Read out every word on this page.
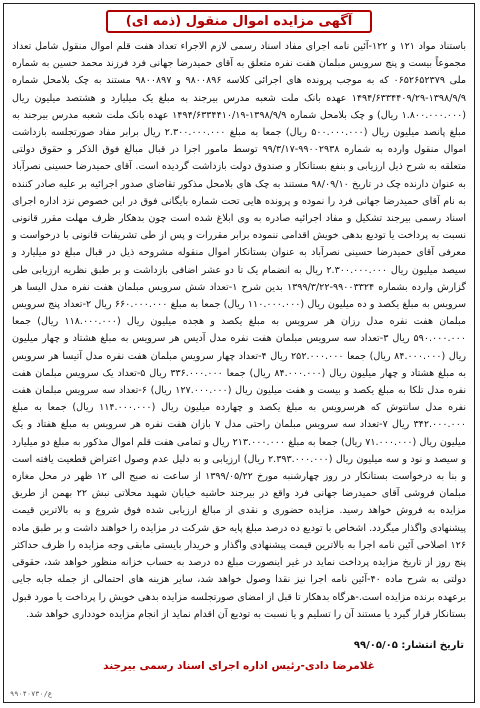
آگهی مزایده اموال منقول (ذمه ای)

باستناد مواد ۱۲۱ و ۱۲۲-آئین نامه اجرای مفاد اسناد رسمی لازم الاجراء تعداد هفت قلم اموال منقول شامل تعداد مجموعاً بیست و پنج سرویس مبلمان هفت نفره متعلق به آقای حمیدرضا جهانی فرد فرزند محمد حسین به شماره ملی ۰۶۵۲۶۵۲۳۷۹ که به موجب پرونده های اجرائی کلاسه ۹۸۰۰۸۹۶ و ۹۸۰۰۸۹۷ مستند به چک بلامحل شماره ۱۳۹۸/۹/۹-۱۴۹۴/۶۳۳۴۴۰۹/۲۹ عهده بانک ملت شعبه مدرس بیرجند به مبلغ یک میلیارد و هشتصد میلیون ریال (۱.۸۰۰.۰۰۰.۰۰۰ ریال) و چک بلامحل شماره ۱۳۹۸/۹/۹-۱۴۹۴/۶۳۳۴۴۱۰/۱۹ عهده بانک ملت شعبه مدرس بیرجند به مبلغ پانصد میلیون ریال (۵۰۰.۰۰۰.۰۰۰ ریال) جمعا به مبلغ ۲.۳۰۰.۰۰۰.۰۰۰ ریال برابر مفاد صورتجلسه بازداشت اموال منقول وارده به شماره ۹۹۰۰۲۹۳۸-۹۹/۳/۱۷ توسط مامور اجرا در قبال مبالغ فوق الذکر و حقوق دولتی متعلقه به شرح ذیل ارزیابی و بنفع بستانکار و صندوق دولت بازداشت گردیده است. آقای حمیدرضا حسینی نصرآباد به عنوان دارنده چک در تاریخ ۹۸/۰۹/۱۰ مستند به چک های بلامحل مذکور تقاضای صدور اجرائیه بر علیه صادر کننده به نام آقای حمیدرضا جهانی فرد را نموده و پرونده هایی تحت شماره بایگانی فوق در این خصوص نزد اداره اجرای اسناد رسمی بیرجند تشکیل و مفاد اجرائیه صادره به وی ابلاغ شده است چون بدهکار ظرف مهلت مقرر قانونی نسبت به پرداخت یا تودیع بدهی خویش اقدامی ننموده برابر مقررات و پس از طی تشریفات قانونی با درخواست و معرفی آقای حمیدرضا حسینی نصرآباد به عنوان بستانکار اموال منقوله مشروحه ذیل در قبال مبلغ دو میلیارد و سیصد میلیون ریال ۲.۳۰۰.۰۰۰.۰۰۰ ریال به انضمام یک تا دو عشر اضافی بازداشت و بر طبق نظریه ارزیابی طی گزارش وارده بشماره ۹۹۰۰۳۳۲۴-۱۳۹۹/۳/۲۲ بدین شرح ۱-تعداد شش سرویس مبلمان هفت نفره مدل الیسا هر سرویس به مبلغ یکصد و ده میلیون ریال (۱۱۰.۰۰۰.۰۰۰ ریال) جمعا به مبلغ ۶۶۰.۰۰۰.۰۰۰ ریال ۲-تعداد پنج سرویس مبلمان هفت نفره مدل رزان هر سرویس به مبلغ یکصد و هجده میلیون ریال (۱۱۸.۰۰۰.۰۰۰ ریال) جمعا ۵۹۰.۰۰۰.۰۰۰ ریال ۳-تعداد سه سرویس مبلمان هفت نفره مدل آدیس هر سرویس به مبلغ هشتاد و چهار میلیون ریال (۸۴.۰۰۰.۰۰۰ ریال) جمعا ۲۵۲.۰۰۰.۰۰۰ ریال ۴-تعداد چهار سرویس مبلمان هفت نفره مدل آتیسا هر سرویس به مبلغ هشتاد و چهار میلیون ریال (۸۴.۰۰۰.۰۰۰ ریال) جمعا ۳۳۶.۰۰۰.۰۰۰ ریال ۵-تعداد یک سرویس مبلمان هفت نفره مدل تلکا به مبلغ یکصد و بیست و هفت میلیون ریال (۱۲۷.۰۰۰.۰۰۰ ریال) ۶-تعداد سه سرویس مبلمان هفت نفره مدل سانتوش که هرسرویس به مبلغ یکصد و چهارده میلیون ریال (۱۱۴.۰۰۰.۰۰۰ ریال) جمعا به مبلغ ۳۴۲.۰۰۰.۰۰۰ ریال ۷-تعداد سه سرویس مبلمان راحتی مدل ۷ بازان هفت نفره هر سرویس به مبلغ هفتاد و یک میلیون ریال (۷۱.۰۰۰.۰۰۰ ریال) جمعا به مبلغ ۲۱۳.۰۰۰.۰۰۰ ریال و تمامی هفت قلم اموال مذکور به مبلغ دو میلیارد و سیصد و نود و سه میلیون ریال (۲.۳۹۳.۰۰۰.۰۰۰ ریال) ارزیابی و به دلیل عدم وصول اعتراض قطعیت یافته است و بنا به درخواست بستانکار در روز چهارشنبه مورخ ۱۳۹۹/۰۵/۲۲ از ساعت نه صبح الی ۱۲ ظهر در محل مغازه مبلمان فروشی آقای حمیدرضا جهانی فرد واقع در بیرجند حاشیه خیابان شهید محلاتی نبش ۲۲ بهمن از طریق مزایده به فروش خواهد رسید. مزایده حضوری و نقدی از مبالغ ارزیابی شده فوق شروع و به بالاترین قیمت پیشنهادی واگذار میگردد. اشخاص با تودیع ده درصد مبلغ پایه حق شرکت در مزایده را خواهند داشت و بر طبق ماده ۱۲۶ اصلاحی آئین نامه اجرا به بالاترین قیمت پیشنهادی واگذار و خریدار بایستی مابقی وجه مزایده را ظرف حداکثر پنج روز از تاریخ مزایده پرداخت نماید در غیر اینصورت مبلغ ده درصد به حساب خزانه منظور خواهد شد، حقوقی دولتی به شرح ماده ۴۰-آئین نامه اجرا نیز نقدا وصول خواهد شد، سایر هزینه های احتمالی از جمله جابه جایی برعهده برنده مزایده است.-هرگاه بدهکار تا قبل از امضای صورتجلسه مزایده بدهی خویش را پرداخت یا مورد قبول بستانکار قرار گیرد یا مستند آن را تسلیم و یا نسبت به تودیع آن اقدام نماید از انجام مزایده خودداری خواهد شد.

تاریخ انتشار: ۹۹/۰۵/۰۵
غلامرضا دادی-رئیس اداره اجرای اسناد رسمی بیرجند
ع/۹۹۰۴۰۷۳۰
